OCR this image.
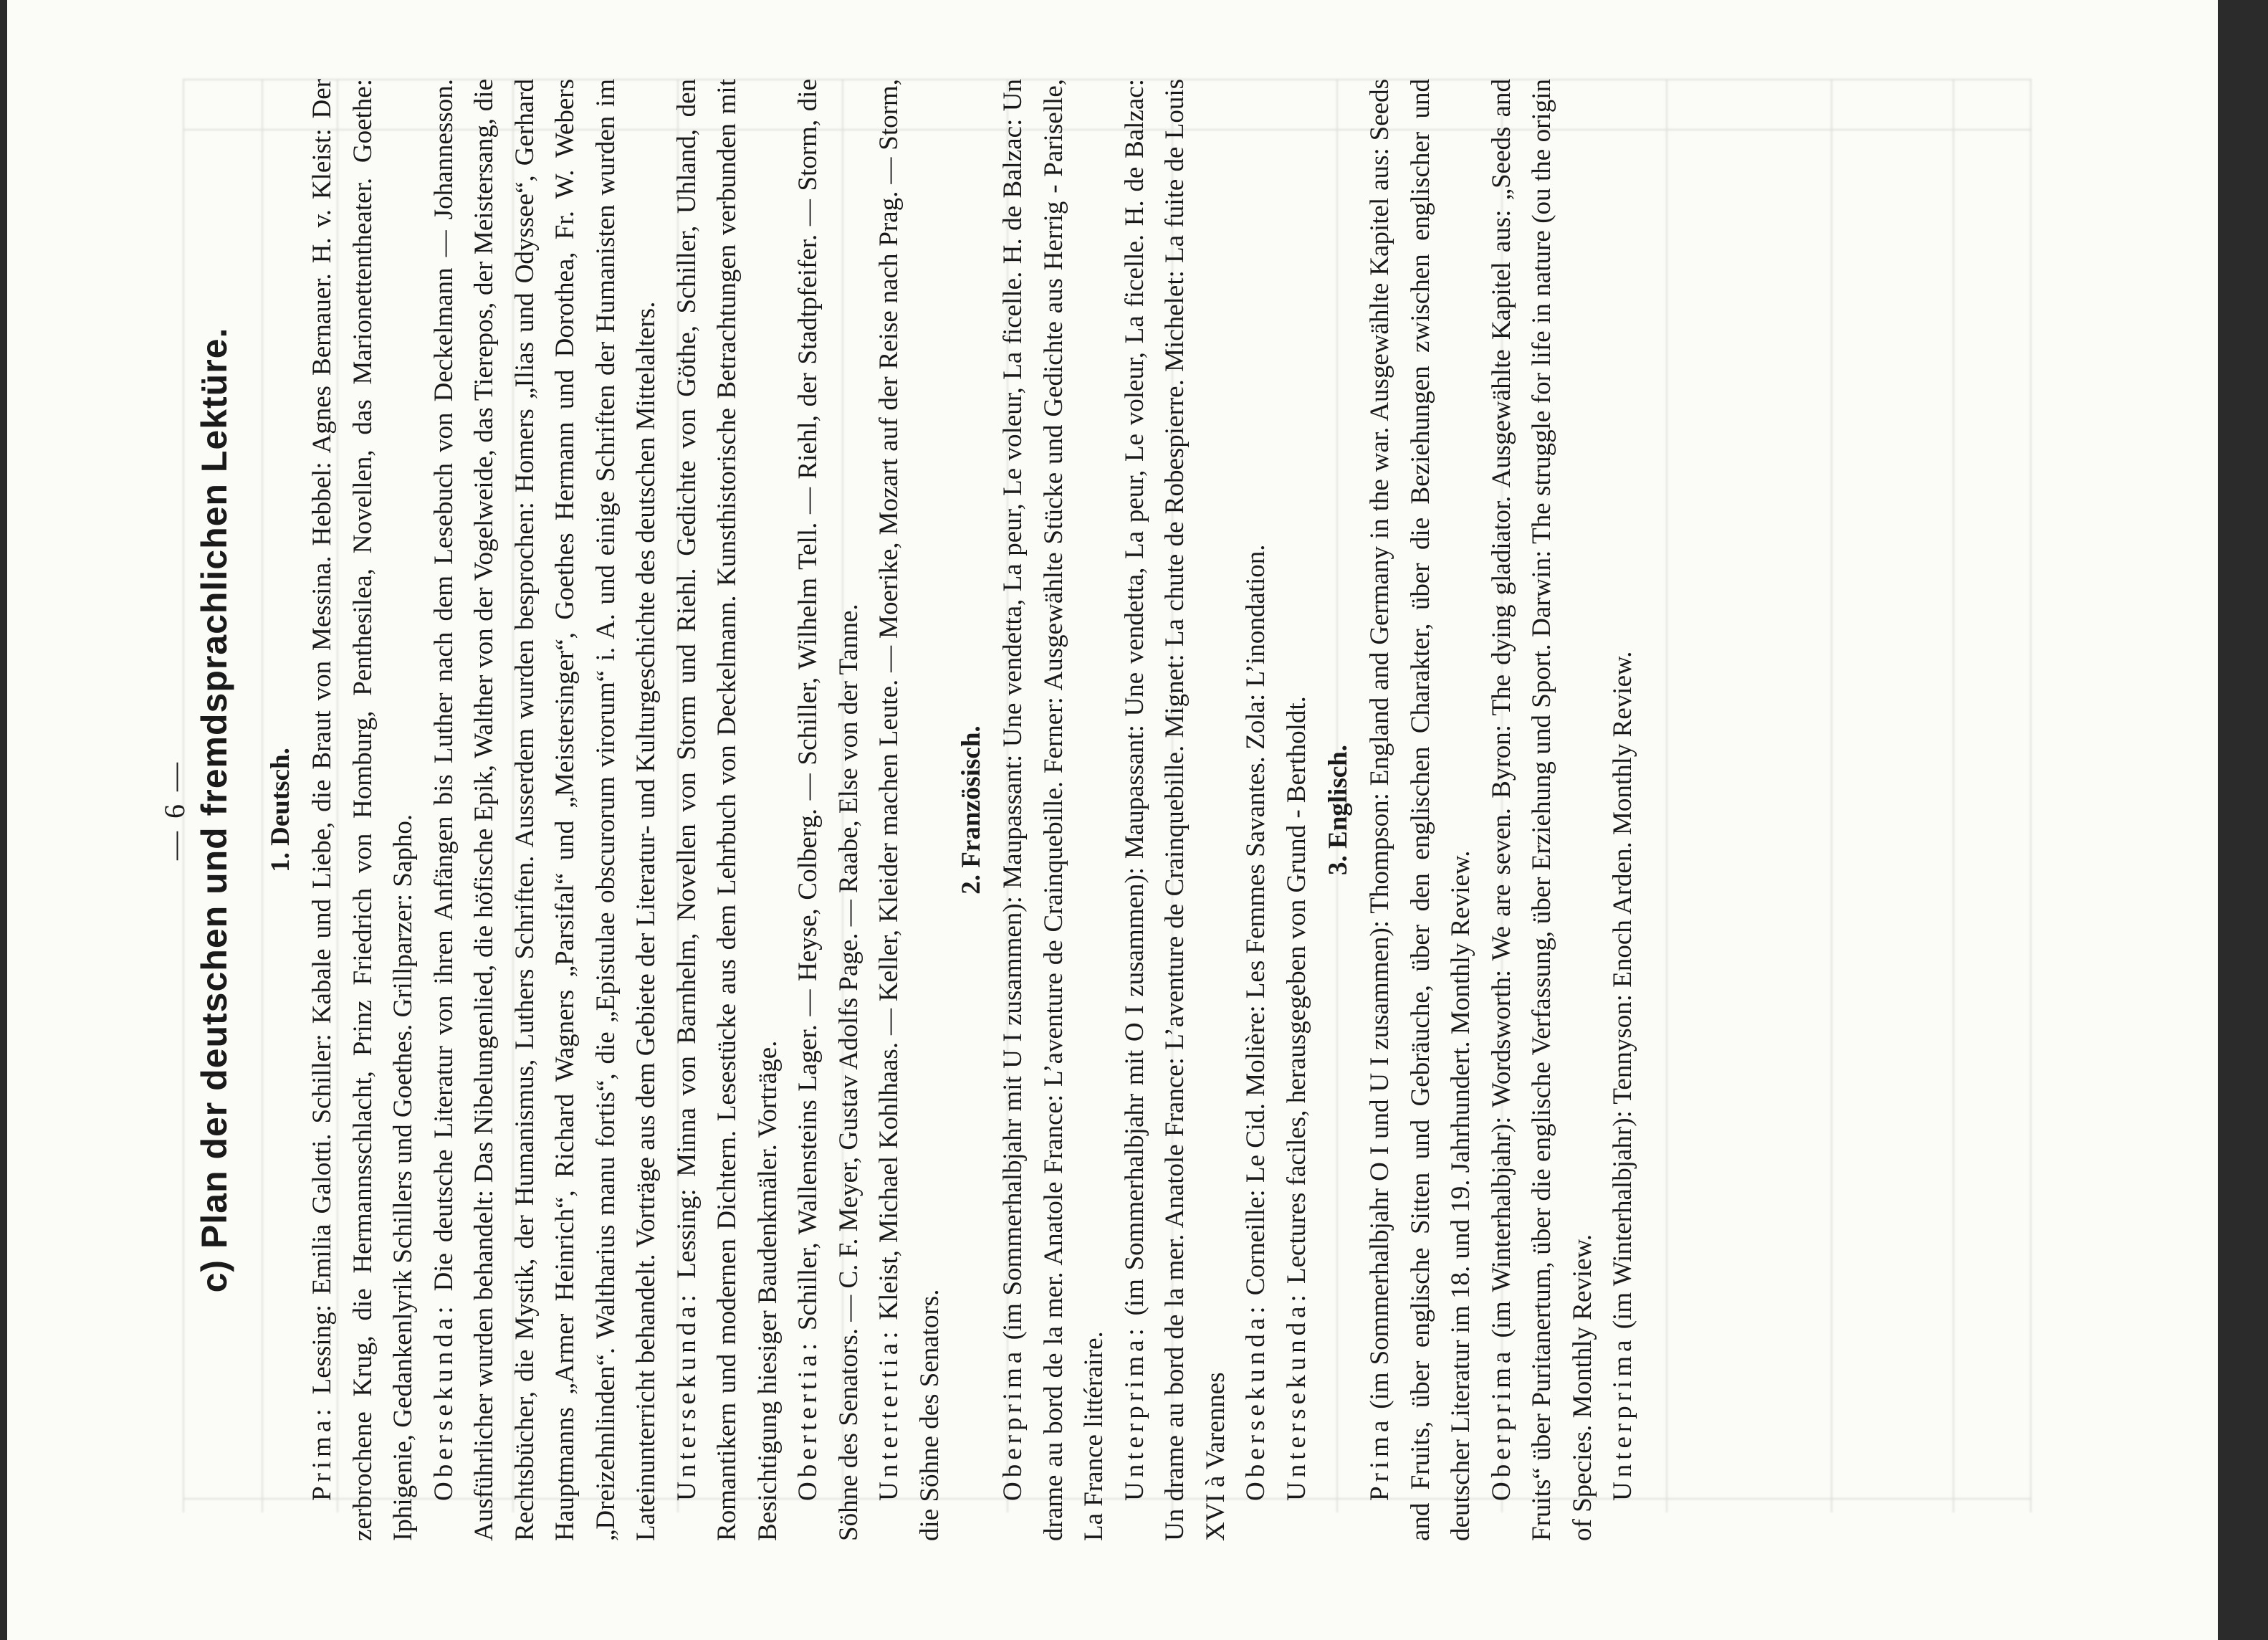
— 6 — c) Plan der deutschen und fremdsprachlichen Lektüre. 1. Deutsch.

Prima: Lessing: Emilia Galotti. Schiller: Kabale und Liebe, die Braut von Messina. Hebbel: Agnes Bernauer. H. v. Kleist: Der zerbrochene Krug, die Hermannsschlacht, Prinz Friedrich von Homburg, Penthesilea, Novellen, das Marionettentheater. Goethe: Iphigenie, Gedankenlyrik Schillers und Goethes. Grillparzer: Sapho. Obersekunda: Die deutsche Literatur von ihren Anfängen bis Luther nach dem Lesebuch von Deckelmann — Johannesson. Ausführlicher wurden behandelt: Das Nibelungenlied, die höfische Epik, Walther von der Vogelweide, das Tierepos, der Meistersang, die Rechtsbücher, die Mystik, der Humanismus, Luthers Schriften. Ausserdem wurden besprochen: Homers „Ilias und Odyssee“, Gerhard Hauptmanns „Armer Heinrich“, Richard Wagners „Parsifal“ und „Meistersinger“, Goethes Hermann und Dorothea, Fr. W. Webers „Dreizehnlinden“. Waltharius manu fortis“, die „Epistulae obscurorum virorum“ i. A. und einige Schriften der Humanisten wurden im Lateinunterricht behandelt. Vorträge aus dem Gebiete der Literatur- und Kulturgeschichte des deutschen Mittelalters. Untersekunda: Lessing: Minna von Barnhelm, Novellen von Storm und Riehl. Gedichte von Göthe, Schiller, Uhland, den Romantikern und modernen Dichtern. Lesestücke aus dem Lehrbuch von Deckelmann. Kunsthistorische Betrachtungen verbunden mit Besichtigung hiesiger Baudenkmäler. Vorträge. Obertertia: Schiller, Wallensteins Lager. — Heyse, Colberg. — Schiller, Wilhelm Tell. — Riehl, der Stadtpfeifer. — Storm, die Söhne des Senators. — C. F. Meyer, Gustav Adolfs Page. — Raabe, Else von der Tanne. Untertertia: Kleist, Michael Kohlhaas. — Keller, Kleider machen Leute. — Moerike, Mozart auf der Reise nach Prag. — Storm, die Söhne des Senators.

2. Französisch.

Oberprima (im Sommerhalbjahr mit U I zusammen): Maupassant: Une vendetta, La peur, Le voleur, La ficelle. H. de Balzac: Un drame au bord de la mer. Anatole France: L’aventure de Crainquebille. Ferner: Ausgewählte Stücke und Gedichte aus Herrig - Pariselle, La France littéraire. Unterprima: (im Sommerhalbjahr mit O I zusammen): Maupassant: Une vendetta, La peur, Le voleur, La ficelle. H. de Balzac: Un drame au bord de la mer. Anatole France: L’aventure de Crainquebille. Mignet: La chute de Robespierre. Michelet: La fuite de Louis XVI à Varennes Obersekunda: Corneille: Le Cid. Molière: Les Femmes Savantes. Zola: L’inondation.

Untersekunda: Lectures faciles, herausgegeben von Grund - Bertholdt. 3. Englisch.

Prima (im Sommerhalbjahr O I und U I zusammen): Thompson: England and Germany in the war. Ausgewählte Kapitel aus: Seeds and Fruits, über englische Sitten und Gebräuche, über den englischen Charakter, über die Beziehungen zwischen englischer und deutscher Literatur im 18. und 19. Jahrhundert. Monthly Review. Oberprima (im Winterhalbjahr): Wordsworth: We are seven. Byron: The dying gladiator. Ausgewählte Kapitel aus: „Seeds and Fruits“ über Puritanertum, über die englische Verfassung, über Erziehung und Sport. Darwin: The struggle for life in nature (ou the origin of Species. Monthly Review. Unterprima (im Winterhalbjahr): Tennyson: Enoch Arden. Monthly Review.
